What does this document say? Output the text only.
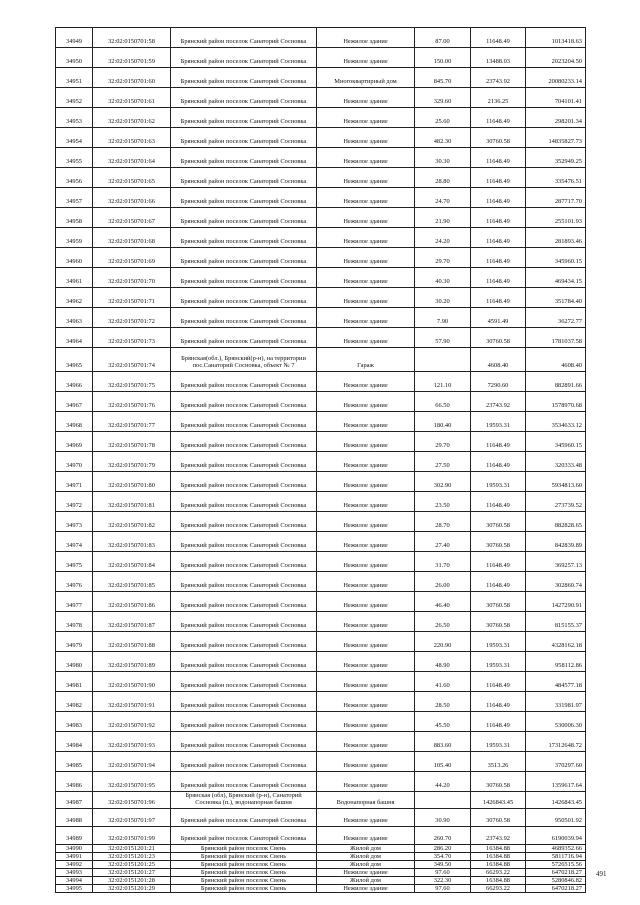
34949	32:02:0150701:58	Брянский район поселок Санаторий Сосновка	Нежилое здание	87.00	11648.49	1013418.63
34950	32:02:0150701:59	Брянский район поселок Санаторий Сосновка	Нежилое здание	150.00	13488.03	2023204.50
34951	32:02:0150701:60	Брянский район поселок Санаторий Сосновка	Многоквартирный дом	845.70	23743.92	20080233.14
34952	32:02:0150701:61	Брянский район поселок Санаторий Сосновка	Нежилое здание	329.60	2136.25	704101.41
34953	32:02:0150701:62	Брянский район поселок Санаторий Сосновка	Нежилое здание	25.60	11648.49	298201.34
34954	32:02:0150701:63	Брянский район поселок Санаторий Сосновка	Нежилое здание	482.30	30760.58	14835827.73
34955	32:02:0150701:64	Брянский район поселок Санаторий Сосновка	Нежилое здание	30.30	11648.49	352949.25
34956	32:02:0150701:65	Брянский район поселок Санаторий Сосновка	Нежилое здание	28.80	11648.49	335476.51
34957	32:02:0150701:66	Брянский район поселок Санаторий Сосновка	Нежилое здание	24.70	11648.49	287717.70
34958	32:02:0150701:67	Брянский район поселок Санаторий Сосновка	Нежилое здание	21.90	11648.49	255101.93
34959	32:02:0150701:68	Брянский район поселок Санаторий Сосновка	Нежилое здание	24.20	11648.49	281893.46
34960	32:02:0150701:69	Брянский район поселок Санаторий Сосновка	Нежилое здание	29.70	11648.49	345960.15
34961	32:02:0150701:70	Брянский район поселок Санаторий Сосновка	Нежилое здание	40.30	11648.49	469434.15
34962	32:02:0150701:71	Брянский район поселок Санаторий Сосновка	Нежилое здание	30.20	11648.49	351784.40
34963	32:02:0150701:72	Брянский район поселок Санаторий Сосновка	Нежилое здание	7.90	4591.49	36272.77
34964	32:02:0150701:73	Брянский район поселок Санаторий Сосновка	Нежилое здание	57.90	30760.58	1781037.58
34965	32:02:0150701:74	Брянская(обл.), Брянский(р-н), на территории пос.Санаторий Сосновка, объект № 7	Гараж		4608.40	4608.40
34966	32:02:0150701:75	Брянский район поселок Санаторий Сосновка	Нежилое здание	121.10	7290.60	882891.66
34967	32:02:0150701:76	Брянский район поселок Санаторий Сосновка	Нежилое здание	66.50	23743.92	1578970.68
34968	32:02:0150701:77	Брянский район поселок Санаторий Сосновка	Нежилое здание	180.40	19593.31	3534633.12
34969	32:02:0150701:78	Брянский район поселок Санаторий Сосновка	Нежилое здание	29.70	11648.49	345960.15
34970	32:02:0150701:79	Брянский район поселок Санаторий Сосновка	Нежилое здание	27.50	11648.49	320333.48
34971	32:02:0150701:80	Брянский район поселок Санаторий Сосновка	Нежилое здание	302.90	19593.31	5934813.60
34972	32:02:0150701:81	Брянский район поселок Санаторий Сосновка	Нежилое здание	23.50	11648.49	273739.52
34973	32:02:0150701:82	Брянский район поселок Санаторий Сосновка	Нежилое здание	28.70	30760.58	882828.65
34974	32:02:0150701:83	Брянский район поселок Санаторий Сосновка	Нежилое здание	27.40	30760.58	842839.89
34975	32:02:0150701:84	Брянский район поселок Санаторий Сосновка	Нежилое здание	31.70	11648.49	369257.13
34976	32:02:0150701:85	Брянский район поселок Санаторий Сосновка	Нежилое здание	26.00	11648.49	302860.74
34977	32:02:0150701:86	Брянский район поселок Санаторий Сосновка	Нежилое здание	46.40	30760.58	1427290.91
34978	32:02:0150701:87	Брянский район поселок Санаторий Сосновка	Нежилое здание	26.50	30760.58	815155.37
34979	32:02:0150701:88	Брянский район поселок Санаторий Сосновка	Нежилое здание	220.90	19593.31	4328162.18
34980	32:02:0150701:89	Брянский район поселок Санаторий Сосновка	Нежилое здание	48.90	19593.31	958112.86
34981	32:02:0150701:90	Брянский район поселок Санаторий Сосновка	Нежилое здание	41.60	11648.49	484577.18
34982	32:02:0150701:91	Брянский район поселок Санаторий Сосновка	Нежилое здание	28.50	11648.49	331981.97
34983	32:02:0150701:92	Брянский район поселок Санаторий Сосновка	Нежилое здание	45.50	11648.49	530006.30
34984	32:02:0150701:93	Брянский район поселок Санаторий Сосновка	Нежилое здание	883.60	19593.31	17312648.72
34985	32:02:0150701:94	Брянский район поселок Санаторий Сосновка	Нежилое здание	105.40	3513.26	370297.60
34986	32:02:0150701:95	Брянский район поселок Санаторий Сосновка	Нежилое здание	44.20	30760.58	1359617.64
34987	32:02:0150701:96	Брянская (обл), Брянский (р-н), Санаторий Сосновка (п.), водонапорная башня	Водонапорная башня		1426843.45	1426843.45
34988	32:02:0150701:97	Брянский район поселок Санаторий Сосновка	Нежилое здание	30.90	30760.58	950501.92
34989	32:02:0150701:99	Брянский район поселок Санаторий Сосновка	Нежилое здание	260.70	23743.92	6190039.94
34990	32:02:0151201:21	Брянский район поселок Свень	Жилой дом	286.20	16384.88	4689352.66
34991	32:02:0151201:23	Брянский район поселок Свень	Жилой дом	354.70	16384.88	5811716.94
34992	32:02:0151201:25	Брянский район поселок Свень	Жилой дом	349.50	16384.88	5726515.56
34993	32:02:0151201:27	Брянский район поселок Свень	Нежилое здание	97.60	66293.22	6470218.27
34994	32:02:0151201:28	Брянский район поселок Свень	Жилой дом	322.30	16384.88	5280846.82
34995	32:02:0151201:29	Брянский район поселок Свень	Нежилое здание	97.60	66293.22	6470218.27
491
